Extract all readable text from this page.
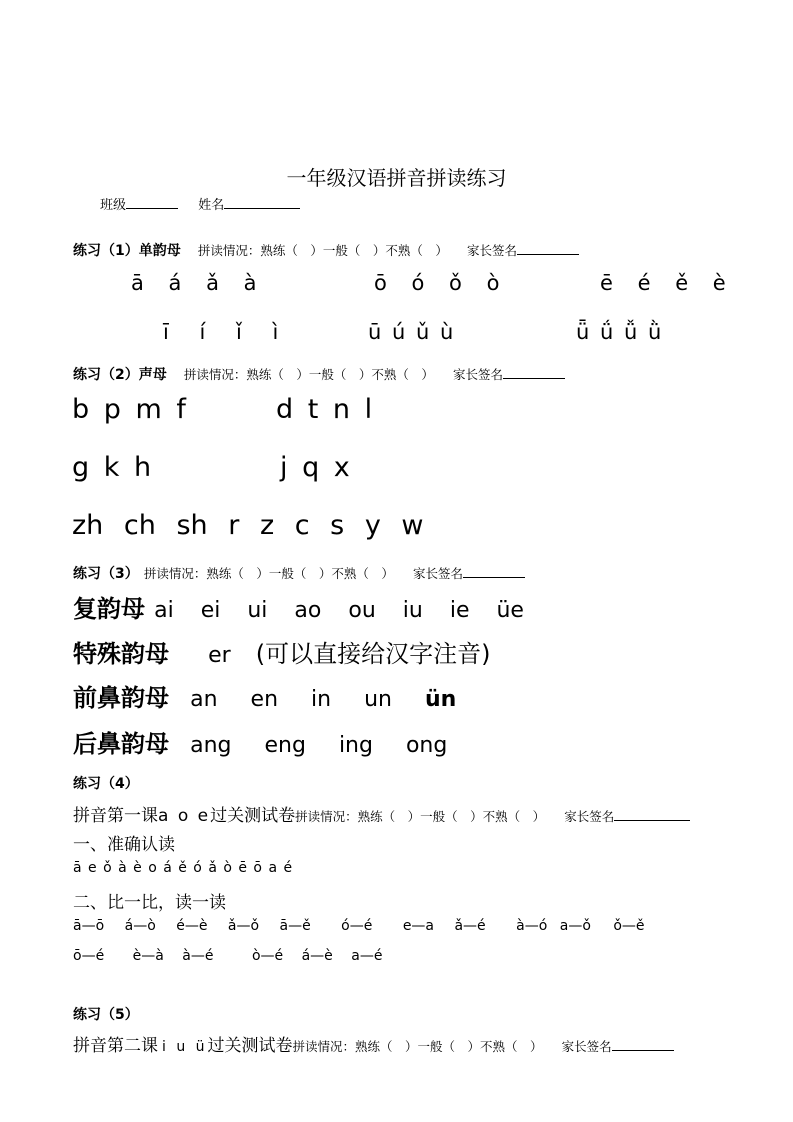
一年级汉语拼音拼读练习
班级	姓名
练习（1）单韵母 拼读情况：熟练（　）一般（　）不熟（　） 家长签名
ā á ǎ à	ō ó ǒ ò	ē é ě è
ī í ǐ ì	ū ú ǔ ù	ǖ ǘ ǚ ǜ
练习（2）声母 拼读情况：熟练（　）一般（　）不熟（　） 家长签名
b p m f	d t n l
g k h	j q x
zh ch sh r z c s y w
练习（3） 拼读情况：熟练（　）一般（　）不熟（　） 家长签名
复韵母 ai ei ui ao ou iu ie üe
特殊韵母 er (可以直接给汉字注音)
前鼻韵母 an en in un ün
后鼻韵母 ang eng ing ong
练习（4）
拼音第一课a o e过关测试卷拼读情况：熟练（　）一般（　）不熟（　） 家长签名
一、准确认读
ā e ǒ à è o á ě ó ǎ ò ē ō a é
二、比一比，读一读
ā—ō á—ò é—è ǎ—ǒ ā—ě ó—é e—a ǎ—é à—ó a—ǒ ǒ—ě
ō—é è—à à—é	ò—é á—è a—é
练习（5）
拼音第二课 i u ü过关测试卷拼读情况：熟练（　）一般（　）不熟（　） 家长签名
